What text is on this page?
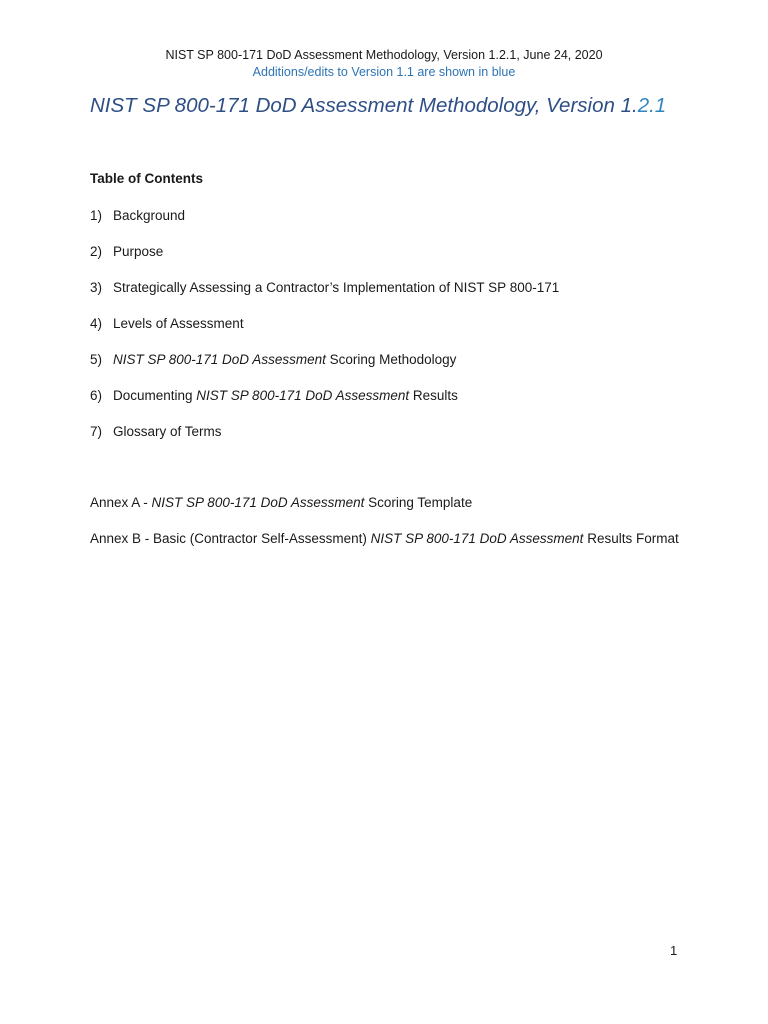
NIST SP 800-171 DoD Assessment Methodology, Version 1.2.1, June 24, 2020
Additions/edits to Version 1.1 are shown in blue
NIST SP 800-171 DoD Assessment Methodology, Version 1.2.1
Table of Contents
1) Background
2) Purpose
3) Strategically Assessing a Contractor’s Implementation of NIST SP 800-171
4) Levels of Assessment
5) NIST SP 800-171 DoD Assessment Scoring Methodology
6) Documenting NIST SP 800-171 DoD Assessment Results
7) Glossary of Terms
Annex A - NIST SP 800-171 DoD Assessment Scoring Template
Annex B - Basic (Contractor Self-Assessment) NIST SP 800-171 DoD Assessment Results Format
1
